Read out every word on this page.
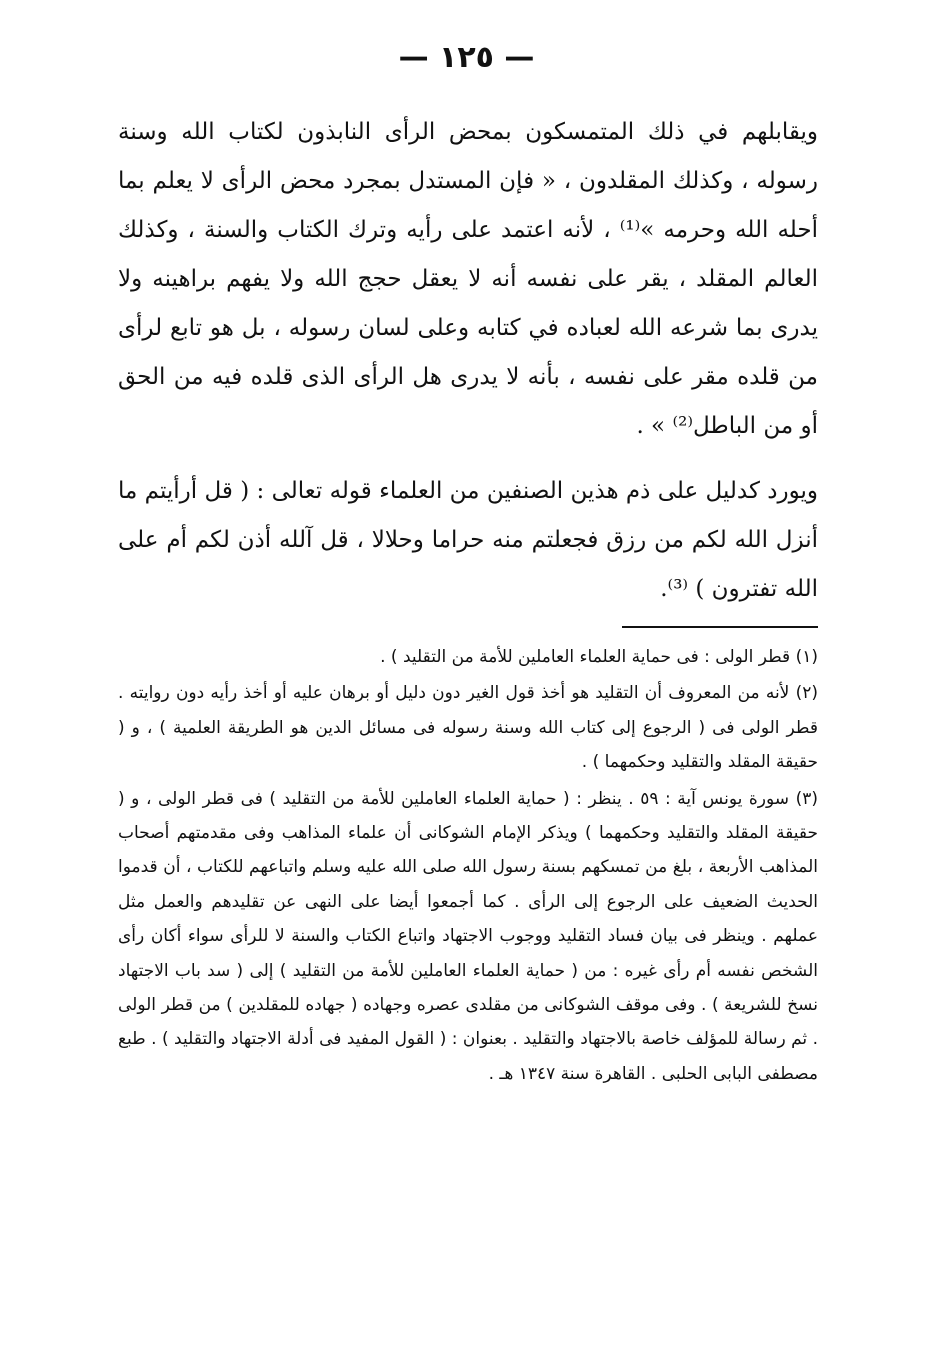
— ١٢٥ —

ويقابلهم في ذلك المتمسكون بمحض الرأى النابذون لكتاب الله وسنة رسوله ، وكذلك المقلدون ، « فإن المستدل بمجرد محض الرأى لا يعلم بما أحله الله وحرمه »⁽¹⁾ ، لأنه اعتمد على رأيه وترك الكتاب والسنة ، وكذلك العالم المقلد ، يقر على نفسه أنه لا يعقل حجج الله ولا يفهم براهينه ولا يدرى بما شرعه الله لعباده في كتابه وعلى لسان رسوله ، بل هو تابع لرأى من قلده مقر على نفسه ، بأنه لا يدرى هل الرأى الذى قلده فيه من الحق أو من الباطل⁽²⁾ » .

ويورد كدليل على ذم هذين الصنفين من العلماء قوله تعالى : ( قل أرأيتم ما أنزل الله لكم من رزق فجعلتم منه حراما وحلالا ، قل آلله أذن لكم أم على الله تفترون ) ⁽³⁾.

(١) قطر الولى : فى حماية العلماء العاملين للأمة من التقليد ) .

(٢) لأنه من المعروف أن التقليد هو أخذ قول الغير دون دليل أو برهان عليه أو أخذ رأيه دون روايته . قطر الولى فى ( الرجوع إلى كتاب الله وسنة رسوله فى مسائل الدين هو الطريقة العلمية ) ، و ( حقيقة المقلد والتقليد وحكمهما ) .

(٣) سورة يونس آية : ٥٩ . ينظر : ( حماية العلماء العاملين للأمة من التقليد ) فى قطر الولى ، و ( حقيقة المقلد والتقليد وحكمهما ) ويذكر الإمام الشوكانى أن علماء المذاهب وفى مقدمتهم أصحاب المذاهب الأربعة ، بلغ من تمسكهم بسنة رسول الله صلى الله عليه وسلم واتباعهم للكتاب ، أن قدموا الحديث الضعيف على الرجوع إلى الرأى . كما أجمعوا أيضا على النهى عن تقليدهم والعمل مثل عملهم . وينظر فى بيان فساد التقليد ووجوب الاجتهاد واتباع الكتاب والسنة لا للرأى سواء أكان رأى الشخص نفسه أم رأى غيره : من ( حماية العلماء العاملين للأمة من التقليد ) إلى ( سد باب الاجتهاد نسخ للشريعة ) . وفى موقف الشوكانى من مقلدى عصره وجهاده ( جهاده للمقلدين ) من قطر الولى . ثم رسالة للمؤلف خاصة بالاجتهاد والتقليد . بعنوان : ( القول المفيد فى أدلة الاجتهاد والتقليد ) . طبع مصطفى البابى الحلبى . القاهرة سنة ١٣٤٧ هـ .
